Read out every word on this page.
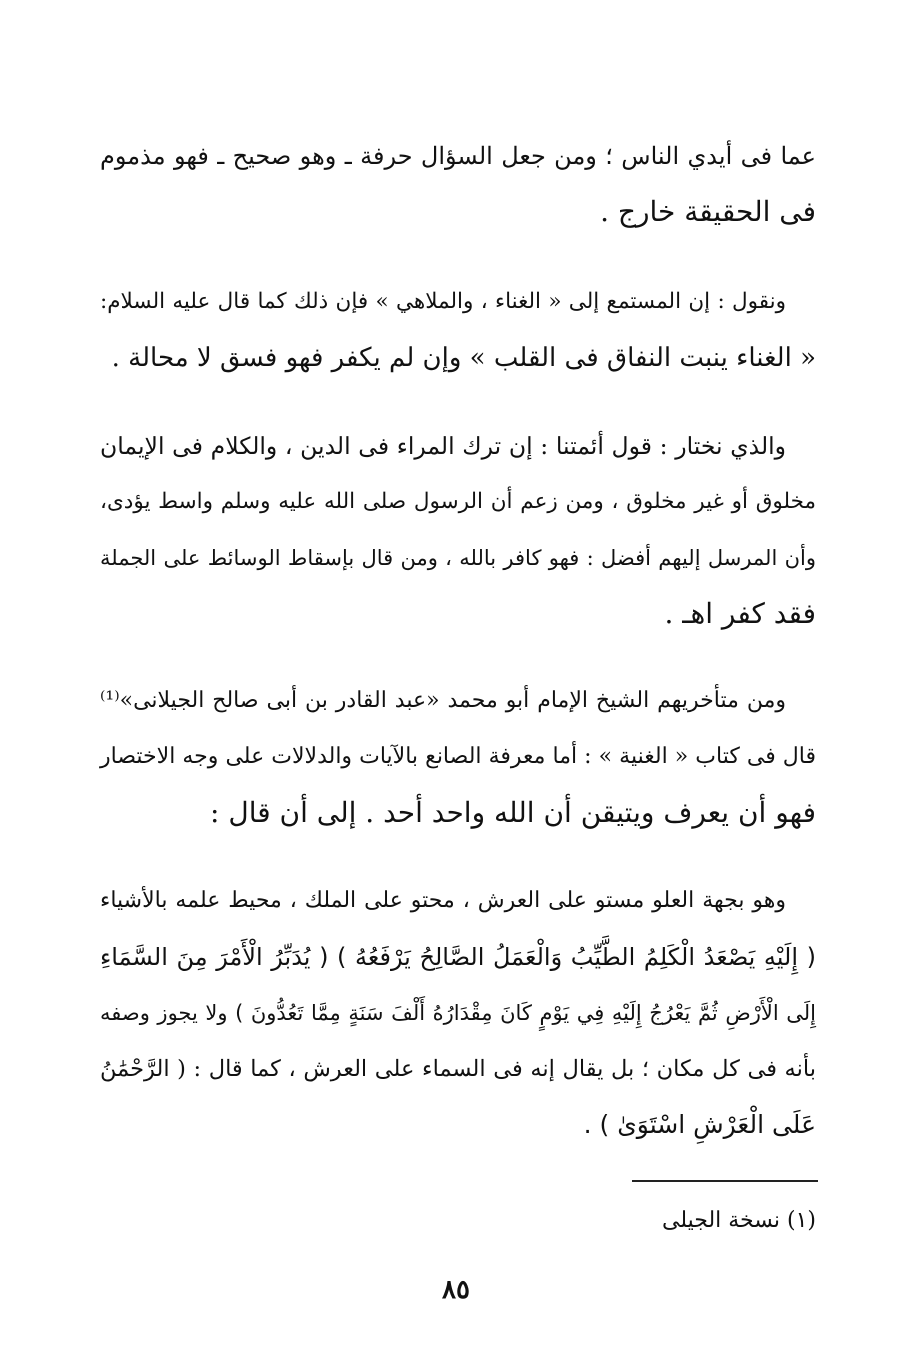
عما فى أيدي الناس ؛ ومن جعل السؤال حرفة ـ وهو صحيح ـ فهو مذموم
فى الحقيقة خارج .
ونقول : إن المستمع إلى « الغناء ، والملاهي » فإن ذلك كما قال عليه السلام:
« الغناء ينبت النفاق فى القلب » وإن لم يكفر فهو فسق لا محالة .
والذي نختار : قول أئمتنا : إن ترك المراء فى الدين ، والكلام فى الإيمان
مخلوق أو غير مخلوق ، ومن زعم أن الرسول صلى الله عليه وسلم واسط يؤدى،
وأن المرسل إليهم أفضل : فهو كافر بالله ، ومن قال بإسقاط الوسائط على الجملة
فقد كفر اهـ .
ومن متأخريهم الشيخ الإمام أبو محمد «عبد القادر بن أبى صالح الجيلانى»⁽¹⁾
قال فى كتاب « الغنية » : أما معرفة الصانع بالآيات والدلالات على وجه الاختصار
فهو أن يعرف ويتيقن أن الله واحد أحد . إلى أن قال :
وهو بجهة العلو مستو على العرش ، محتو على الملك ، محيط علمه بالأشياء
( إِلَيْهِ يَصْعَدُ الْكَلِمُ الطَّيِّبُ وَالْعَمَلُ الصَّالِحُ يَرْفَعُهُ ) ( يُدَبِّرُ الْأَمْرَ مِنَ السَّمَاءِ
إِلَى الْأَرْضِ ثُمَّ يَعْرُجُ إِلَيْهِ فِي يَوْمٍ كَانَ مِقْدَارُهُ أَلْفَ سَنَةٍ مِمَّا تَعُدُّونَ ) ولا يجوز وصفه
بأنه فى كل مكان ؛ بل يقال إنه فى السماء على العرش ، كما قال : ( الرَّحْمَٰنُ
عَلَى الْعَرْشِ اسْتَوَىٰ ) .
(١) نسخة الجيلى
٨٥
